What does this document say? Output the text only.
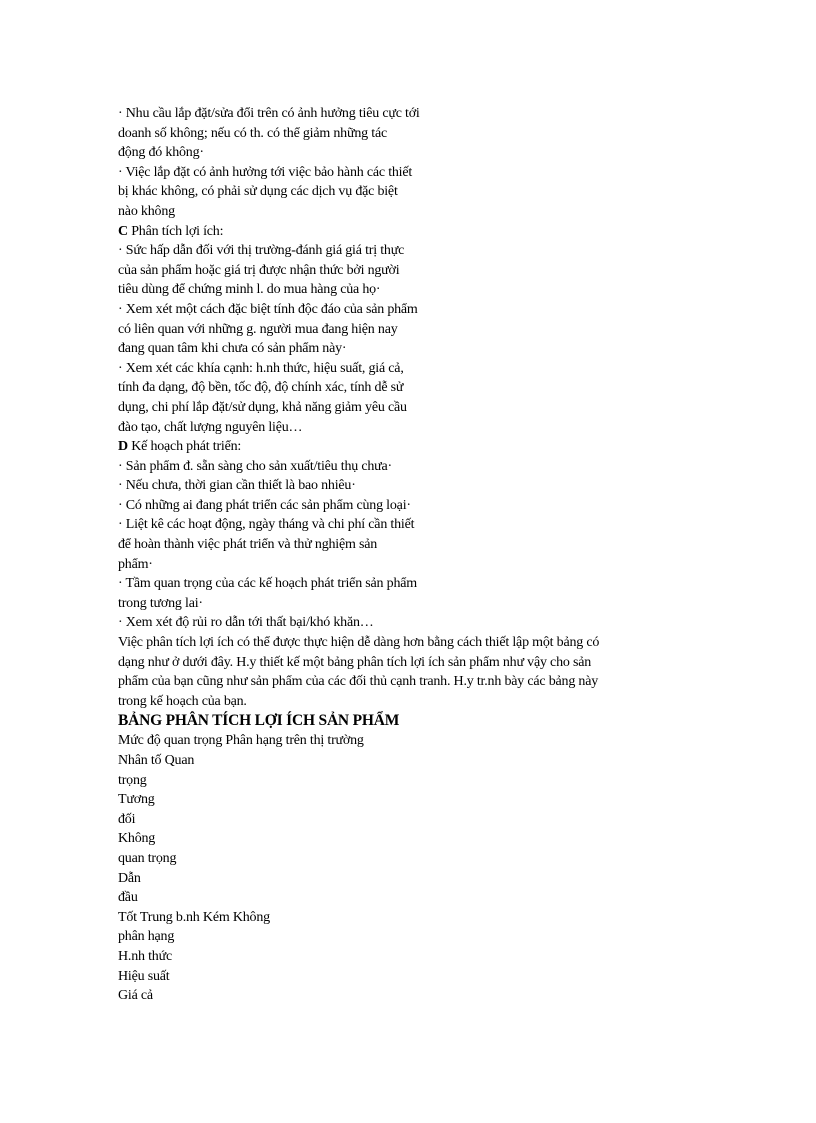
· Nhu cầu lắp đặt/sửa đổi trên có ảnh hưởng tiêu cực tới
doanh số không; nếu có th. có thể giảm những tác
động đó không·
· Việc lắp đặt có ảnh hưởng tới việc bảo hành các thiết
bị khác không, có phải sử dụng các dịch vụ đặc biệt
nào không
C Phân tích lợi ích:
· Sức hấp dẫn đối với thị trường-đánh giá giá trị thực
của sản phẩm hoặc giá trị được nhận thức bởi người
tiêu dùng để chứng minh l. do mua hàng của họ·
· Xem xét một cách đặc biệt tính độc đáo của sản phẩm
có liên quan với những g. người mua đang hiện nay
đang quan tâm khi chưa có sản phẩm này·
· Xem xét các khía cạnh: h.nh thức, hiệu suất, giá cả,
tính đa dạng, độ bền, tốc độ, độ chính xác, tính dễ sử
dụng, chi phí lắp đặt/sử dụng, khả năng giảm yêu cầu
đào tạo, chất lượng nguyên liệu…
D Kế hoạch phát triển:
· Sản phẩm đ. sẵn sàng cho sản xuất/tiêu thụ chưa·
· Nếu chưa, thời gian cần thiết là bao nhiêu·
· Có những ai đang phát triển các sản phẩm cùng loại·
· Liệt kê các hoạt động, ngày tháng và chi phí cần thiết
để hoàn thành việc phát triển và thử nghiệm sản
phẩm·
· Tầm quan trọng của các kế hoạch phát triển sản phẩm
trong tương lai·
· Xem xét độ rủi ro dẫn tới thất bại/khó khăn…
Việc phân tích lợi ích có thể được thực hiện dễ dàng hơn bằng cách thiết lập một bảng có
dạng như ở dưới đây. H.y thiết kế một bảng phân tích lợi ích sản phẩm như vậy cho sản
phẩm của bạn cũng như sản phẩm của các đối thủ cạnh tranh. H.y tr.nh bày các bảng này
trong kế hoạch của bạn.
BẢNG PHÂN TÍCH LỢI ÍCH SẢN PHẨM
Mức độ quan trọng Phân hạng trên thị trường
Nhân tố Quan
trọng
Tương
đối
Không
quan trọng
Dẫn
đầu
Tốt Trung b.nh Kém Không
phân hạng
H.nh thức
Hiệu suất
Giá cả
